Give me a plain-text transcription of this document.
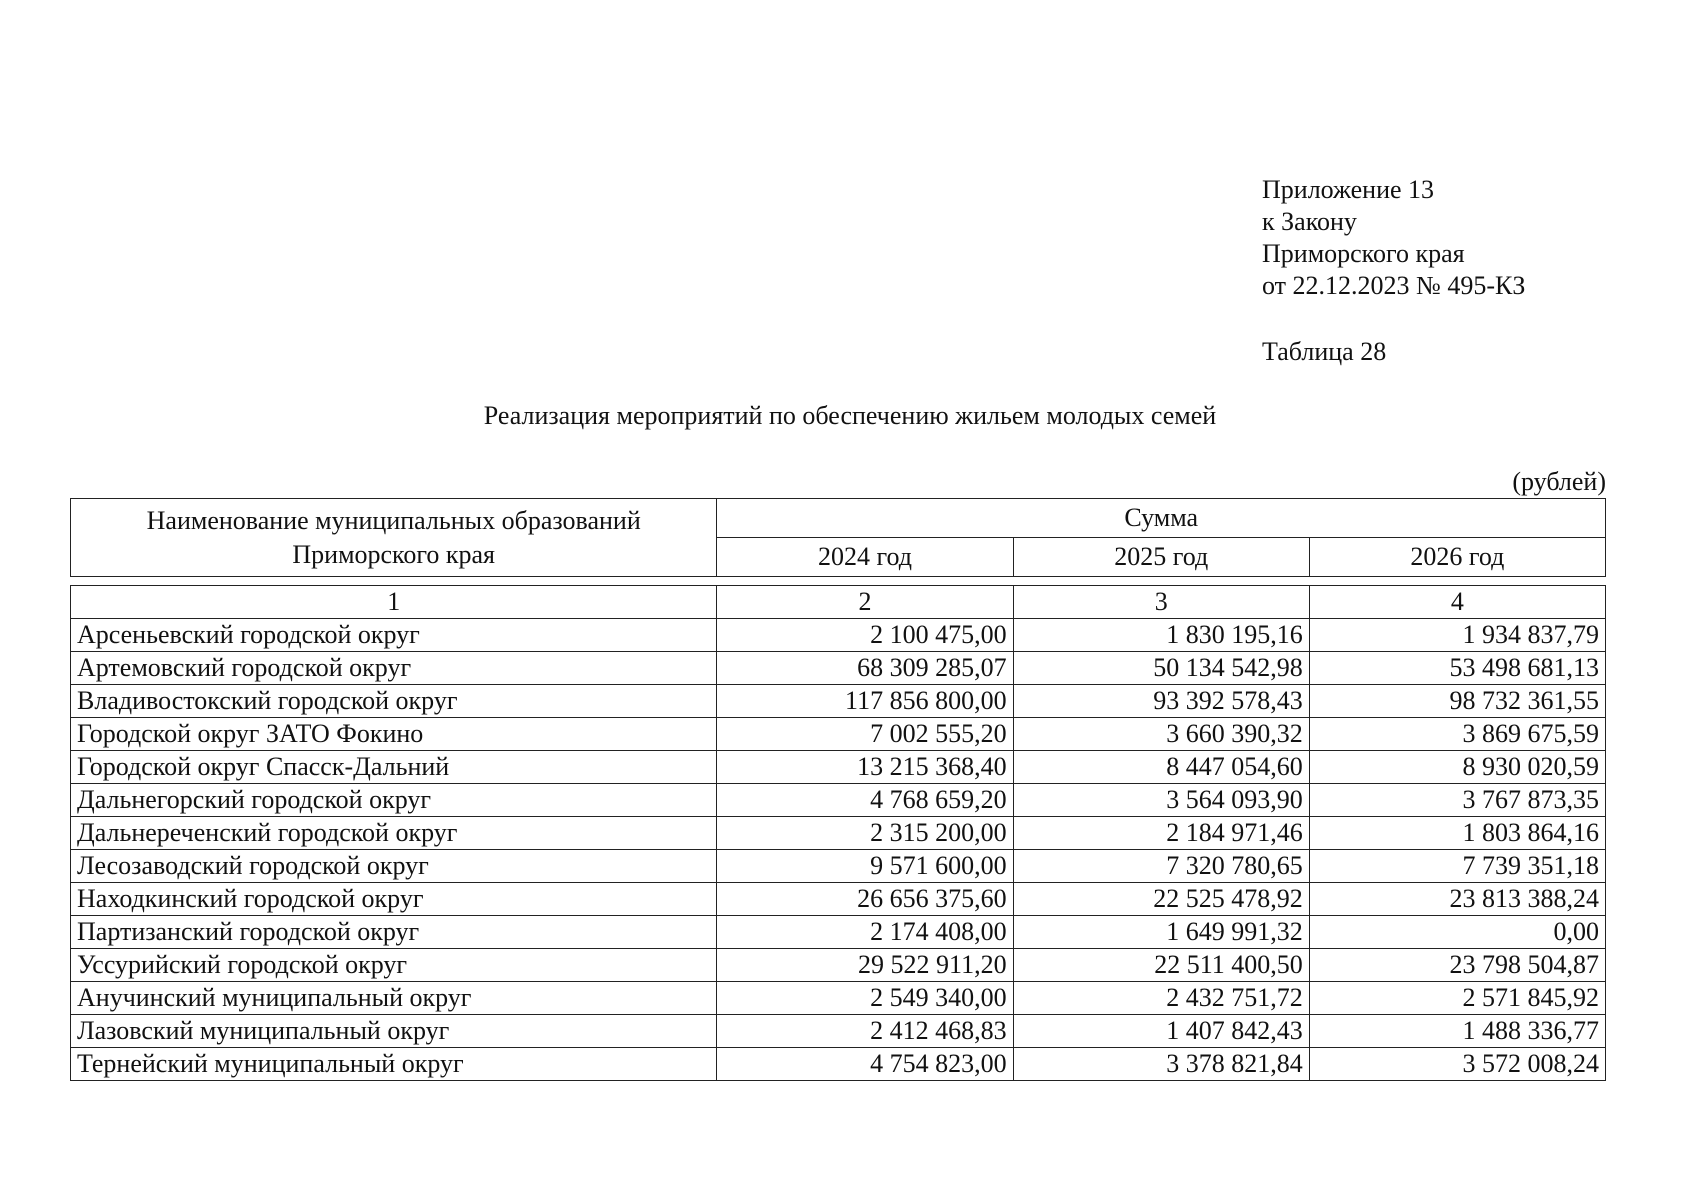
Приложение 13
к Закону
Приморского края
от 22.12.2023 № 495-КЗ
Таблица 28
Реализация мероприятий по обеспечению жильем молодых семей
(рублей)
Наименование муниципальных образований
Приморского края	Сумма		
	2024 год	2025 год	2026 год
1	2	3	4
Арсеньевский городской округ	2 100 475,00	1 830 195,16	1 934 837,79
Артемовский городской округ	68 309 285,07	50 134 542,98	53 498 681,13
Владивостокский городской округ	117 856 800,00	93 392 578,43	98 732 361,55
Городской округ ЗАТО Фокино	7 002 555,20	3 660 390,32	3 869 675,59
Городской округ Спасск-Дальний	13 215 368,40	8 447 054,60	8 930 020,59
Дальнегорский городской округ	4 768 659,20	3 564 093,90	3 767 873,35
Дальнереченский городской округ	2 315 200,00	2 184 971,46	1 803 864,16
Лесозаводский городской округ	9 571 600,00	7 320 780,65	7 739 351,18
Находкинский городской округ	26 656 375,60	22 525 478,92	23 813 388,24
Партизанский городской округ	2 174 408,00	1 649 991,32	0,00
Уссурийский городской округ	29 522 911,20	22 511 400,50	23 798 504,87
Анучинский муниципальный округ	2 549 340,00	2 432 751,72	2 571 845,92
Лазовский муниципальный округ	2 412 468,83	1 407 842,43	1 488 336,77
Тернейский муниципальный округ	4 754 823,00	3 378 821,84	3 572 008,24
